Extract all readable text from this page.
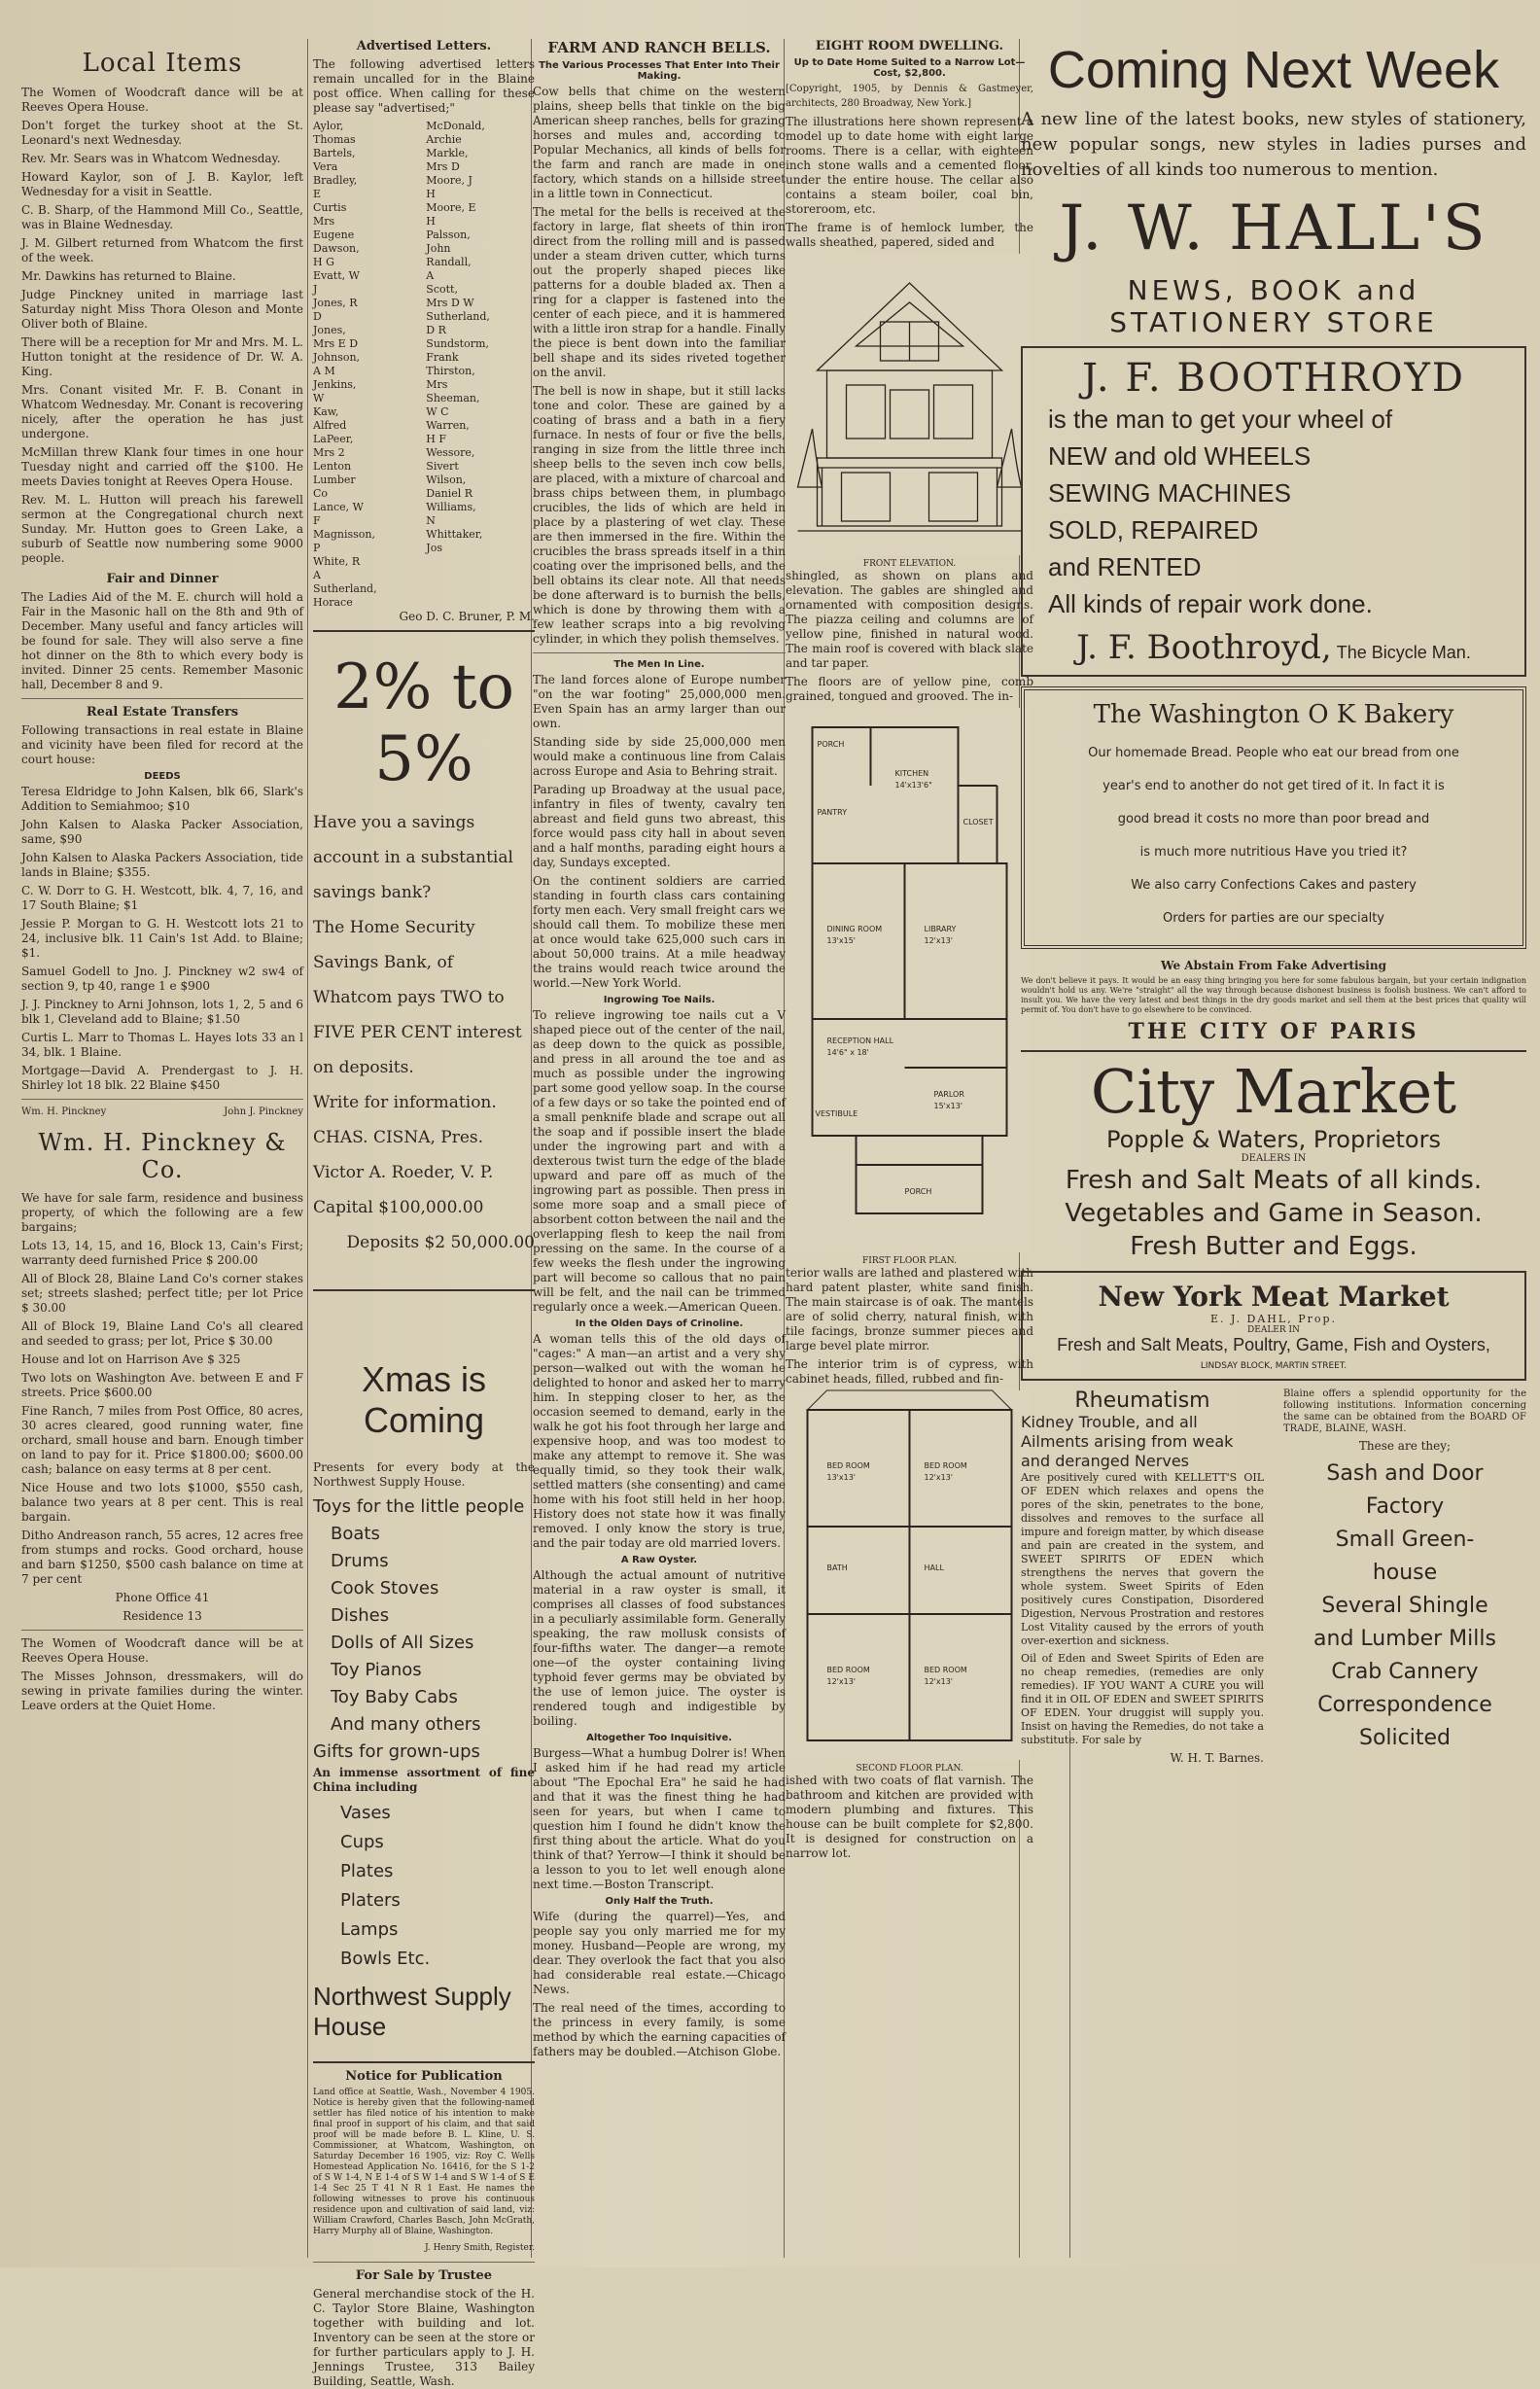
Local Items

The Women of Woodcraft dance will be at Reeves Opera House.

Don't forget the turkey shoot at the St. Leonard's next Wednesday.

Rev. Mr. Sears was in Whatcom Wednesday.

Howard Kaylor, son of J. B. Kaylor, left Wednesday for a visit in Seattle.

C. B. Sharp, of the Hammond Mill Co., Seattle, was in Blaine Wednesday.

J. M. Gilbert returned from Whatcom the first of the week.

Mr. Dawkins has returned to Blaine.

Judge Pinckney united in marriage last Saturday night Miss Thora Oleson and Monte Oliver both of Blaine.

There will be a reception for Mr and Mrs. M. L. Hutton tonight at the residence of Dr. W. A. King.

Mrs. Conant visited Mr. F. B. Conant in Whatcom Wednesday. Mr. Conant is recovering nicely, after the operation he has just undergone.

McMillan threw Klank four times in one hour Tuesday night and carried off the $100. He meets Davies tonight at Reeves Opera House.

Rev. M. L. Hutton will preach his farewell sermon at the Congregational church next Sunday. Mr. Hutton goes to Green Lake, a suburb of Seattle now numbering some 9000 people.

Fair and Dinner

The Ladies Aid of the M. E. church will hold a Fair in the Masonic hall on the 8th and 9th of December. Many useful and fancy articles will be found for sale. They will also serve a fine hot dinner on the 8th to which every body is invited. Dinner 25 cents. Remember Masonic hall, December 8 and 9.

Real Estate Transfers

Following transactions in real estate in Blaine and vicinity have been filed for record at the court house:

DEEDS

Teresa Eldridge to John Kalsen, blk 66, Slark's Addition to Semiahmoo; $10

John Kalsen to Alaska Packer Association, same, $90

John Kalsen to Alaska Packers Association, tide lands in Blaine; $355.

C. W. Dorr to G. H. Westcott, blk. 4, 7, 16, and 17 South Blaine; $1

Jessie P. Morgan to G. H. Westcott lots 21 to 24, inclusive blk. 11 Cain's 1st Add. to Blaine; $1.

Samuel Godell to Jno. J. Pinckney w2 sw4 of section 9, tp 40, range 1 e $900

J. J. Pinckney to Arni Johnson, lots 1, 2, 5 and 6 blk 1, Cleveland add to Blaine; $1.50

Curtis L. Marr to Thomas L. Hayes lots 33 an l 34, blk. 1 Blaine.

Mortgage—David A. Prendergast to J. H. Shirley lot 18 blk. 22 Blaine $450

Wm. H. Pinckney	John J. Pinckney
Wm. H. Pinckney & Co.

We have for sale farm, residence and business property, of which the following are a few bargains;

Lots 13, 14, 15, and 16, Block 13, Cain's First; warranty deed furnished Price $ 200.00

All of Block 28, Blaine Land Co's corner stakes set; streets slashed; perfect title; per lot Price $ 30.00

All of Block 19, Blaine Land Co's all cleared and seeded to grass; per lot, Price $ 30.00

House and lot on Harrison Ave $ 325

Two lots on Washington Ave. between E and F streets. Price $600.00

Fine Ranch, 7 miles from Post Office, 80 acres, 30 acres cleared, good running water, fine orchard, small house and barn. Enough timber on land to pay for it. Price $1800.00; $600.00 cash; balance on easy terms at 8 per cent.

Nice House and two lots $1000, $550 cash, balance two years at 8 per cent. This is real bargain.

Ditho Andreason ranch, 55 acres, 12 acres free from stumps and rocks. Good orchard, house and barn $1250, $500 cash balance on time at 7 per cent

Phone Office 41
Residence 13

The Women of Woodcraft dance will be at Reeves Opera House.

The Misses Johnson, dressmakers, will do sewing in private families during the winter. Leave orders at the Quiet Home.

Advertised Letters.

The following advertised letters remain uncalled for in the Blaine post office. When calling for these please say "advertised;"

Aylor, Thomas
Bartels, Vera
Bradley, E
Curtis Mrs Eugene
Dawson, H G
Evatt, W J
Jones, R D
Jones, Mrs E D
Johnson, A M
Jenkins, W
Kaw, Alfred
LaPeer, Mrs 2
Lenton Lumber Co
Lance, W F
Magnisson, P
White, R A
Sutherland, Horace
McDonald, Archie
Markle, Mrs D
Moore, J H
Moore, E H
Palsson, John
Randall, A
Scott, Mrs D W
Sutherland, D R
Sundstorm, Frank
Thirston, Mrs
Sheeman, W C
Warren, H F
Wessore, Sivert
Wilson, Daniel R
Williams, N
Whittaker, Jos
Geo D. C. Bruner, P. M.
2% to 5%
Have you a savings account in a substantial savings bank?
The Home Security Savings Bank, of Whatcom pays TWO to FIVE PER CENT interest on deposits.
Write for information.
CHAS. CISNA, Pres.
Victor A. Roeder, V. P.
Capital $100,000.00
Deposits $2 50,000.00
Xmas is Coming

Presents for every body at the Northwest Supply House.

Toys for the little people
Boats
Drums
Cook Stoves
Dishes
Dolls of All Sizes
Toy Pianos
Toy Baby Cabs
And many others
Gifts for grown-ups
An immense assortment of fine China including
Vases
Cups
Plates
Platers
Lamps
Bowls Etc.
Northwest Supply House
Notice for Publication

Land office at Seattle, Wash., November 4 1905. Notice is hereby given that the following-named settler has filed notice of his intention to make final proof in support of his claim, and that said proof will be made before B. L. Kline, U. S. Commissioner, at Whatcom, Washington, on Saturday December 16 1905, viz: Roy C. Wells Homestead Application No. 16416, for the S 1-2 of S W 1-4, N E 1-4 of S W 1-4 and S W 1-4 of S E 1-4 Sec 25 T 41 N R 1 East. He names the following witnesses to prove his continuous residence upon and cultivation of said land, viz: William Crawford, Charles Basch, John McGrath, Harry Murphy all of Blaine, Washington.

J. Henry Smith, Register.
For Sale by Trustee

General merchandise stock of the H. C. Taylor Store Blaine, Washington together with building and lot. Inventory can be seen at the store or for further particulars apply to J. H. Jennings Trustee, 313 Bailey Building, Seattle, Wash.

FARM AND RANCH BELLS.
The Various Processes That Enter Into Their Making.

Cow bells that chime on the western plains, sheep bells that tinkle on the big American sheep ranches, bells for grazing horses and mules and, according to Popular Mechanics, all kinds of bells for the farm and ranch are made in one factory, which stands on a hillside street in a little town in Connecticut.

The metal for the bells is received at the factory in large, flat sheets of thin iron direct from the rolling mill and is passed under a steam driven cutter, which turns out the properly shaped pieces like patterns for a double bladed ax. Then a ring for a clapper is fastened into the center of each piece, and it is hammered with a little iron strap for a handle. Finally the piece is bent down into the familiar bell shape and its sides riveted together on the anvil.

The bell is now in shape, but it still lacks tone and color. These are gained by a coating of brass and a bath in a fiery furnace. In nests of four or five the bells, ranging in size from the little three inch sheep bells to the seven inch cow bells, are placed, with a mixture of charcoal and brass chips between them, in plumbago crucibles, the lids of which are held in place by a plastering of wet clay. These are then immersed in the fire. Within the crucibles the brass spreads itself in a thin coating over the imprisoned bells, and the bell obtains its clear note. All that needs be done afterward is to burnish the bells, which is done by throwing them with a few leather scraps into a big revolving cylinder, in which they polish themselves.

The Men In Line.

The land forces alone of Europe number "on the war footing" 25,000,000 men. Even Spain has an army larger than our own.

Standing side by side 25,000,000 men would make a continuous line from Calais across Europe and Asia to Behring strait.

Parading up Broadway at the usual pace, infantry in files of twenty, cavalry ten abreast and field guns two abreast, this force would pass city hall in about seven and a half months, parading eight hours a day, Sundays excepted.

On the continent soldiers are carried standing in fourth class cars containing forty men each. Very small freight cars we should call them. To mobilize these men at once would take 625,000 such cars in about 50,000 trains. At a mile headway the trains would reach twice around the world.—New York World.

Ingrowing Toe Nails.

To relieve ingrowing toe nails cut a V shaped piece out of the center of the nail, as deep down to the quick as possible, and press in all around the toe and as much as possible under the ingrowing part some good yellow soap. In the course of a few days or so take the pointed end of a small penknife blade and scrape out all the soap and if possible insert the blade under the ingrowing part and with a dexterous twist turn the edge of the blade upward and pare off as much of the ingrowing part as possible. Then press in some more soap and a small piece of absorbent cotton between the nail and the overlapping flesh to keep the nail from pressing on the same. In the course of a few weeks the flesh under the ingrowing part will become so callous that no pain will be felt, and the nail can be trimmed regularly once a week.—American Queen.

In the Olden Days of Crinoline.

A woman tells this of the old days of "cages:" A man—an artist and a very shy person—walked out with the woman he delighted to honor and asked her to marry him. In stepping closer to her, as the occasion seemed to demand, early in the walk he got his foot through her large and expensive hoop, and was too modest to make any attempt to remove it. She was equally timid, so they took their walk, settled matters (she consenting) and came home with his foot still held in her hoop. History does not state how it was finally removed. I only know the story is true, and the pair today are old married lovers.

A Raw Oyster.

Although the actual amount of nutritive material in a raw oyster is small, it comprises all classes of food substances in a peculiarly assimilable form. Generally speaking, the raw mollusk consists of four-fifths water. The danger—a remote one—of the oyster containing living typhoid fever germs may be obviated by the use of lemon juice. The oyster is rendered tough and indigestible by boiling.

Altogether Too Inquisitive.

Burgess—What a humbug Dolrer is! When I asked him if he had read my article about "The Epochal Era" he said he had and that it was the finest thing he had seen for years, but when I came to question him I found he didn't know the first thing about the article. What do you think of that? Yerrow—I think it should be a lesson to you to let well enough alone next time.—Boston Transcript.

Only Half the Truth.

Wife (during the quarrel)—Yes, and people say you only married me for my money. Husband—People are wrong, my dear. They overlook the fact that you also had considerable real estate.—Chicago News.

The real need of the times, according to the princess in every family, is some method by which the earning capacities of fathers may be doubled.—Atchison Globe.

EIGHT ROOM DWELLING.
Up to Date Home Suited to a Narrow Lot—Cost, $2,800.

[Copyright, 1905, by Dennis & Gastmeyer, architects, 280 Broadway, New York.]

The illustrations here shown represent a model up to date home with eight large rooms. There is a cellar, with eighteen inch stone walls and a cemented floor, under the entire house. The cellar also contains a steam boiler, coal bin, storeroom, etc.

The frame is of hemlock lumber, the walls sheathed, papered, sided and

FRONT ELEVATION.

shingled, as shown on plans and elevation. The gables are shingled and ornamented with composition designs. The piazza ceiling and columns are of yellow pine, finished in natural wood. The main roof is covered with black slate and tar paper.

The floors are of yellow pine, comb grained, tongued and grooved. The in-

PORCH
KITCHEN
14'x13'6"
PANTRY
CLOSET
DINING ROOM
13'x15'
LIBRARY
12'x13'
RECEPTION HALL
14'6" x 18'
PARLOR
15'x13'
VESTIBULE
PORCH
FIRST FLOOR PLAN.

terior walls are lathed and plastered with hard patent plaster, white sand finish. The main staircase is of oak. The mantels are of solid cherry, natural finish, with tile facings, bronze summer pieces and large bevel plate mirror.

The interior trim is of cypress, with cabinet heads, filled, rubbed and fin-

BED ROOM
13'x13'
BED ROOM
12'x13'
BATH	HALL
BED ROOM
12'x13'
BED ROOM
12'x13'
SECOND FLOOR PLAN.

ished with two coats of flat varnish. The bathroom and kitchen are provided with modern plumbing and fixtures. This house can be built complete for $2,800. It is designed for construction on a narrow lot.

Coming Next Week

A new line of the latest books, new styles of stationery, new popular songs, new styles in ladies purses and novelties of all kinds too numerous to mention.

J. W. HALL'S
NEWS, BOOK and
STATIONERY STORE
J. F. BOOTHROYD
is the man to get your wheel of
NEW and old WHEELS
SEWING MACHINES
SOLD, REPAIRED
and RENTED
All kinds of repair work done.
J. F. Boothroyd, The Bicycle Man.
The Washington O K Bakery
Our homemade Bread. People who eat our bread from one
year's end to another do not get tired of it. In fact it is
good bread it costs no more than poor bread and
is much more nutritious Have you tried it?
We also carry Confections Cakes and pastery
Orders for parties are our specialty
We Abstain From Fake Advertising

We don't believe it pays. It would be an easy thing bringing you here for some fabulous bargain, but your certain indignation wouldn't hold us any. We're "straight" all the way through because dishonest business is foolish business. We can't afford to insult you. We have the very latest and best things in the dry goods market and sell them at the best prices that quality will permit of. You don't have to go elsewhere to be convinced.

THE CITY OF PARIS
City Market
Popple & Waters, Proprietors
DEALERS IN
Fresh and Salt Meats of all kinds.
Vegetables and Game in Season.
Fresh Butter and Eggs.
New York Meat Market
E. J. DAHL, Prop.
DEALER IN
Fresh and Salt Meats, Poultry, Game, Fish and Oysters,
LINDSAY BLOCK, MARTIN STREET.
Rheumatism
Kidney Trouble, and all Ailments arising from weak and deranged Nerves

Are positively cured with KELLETT'S OIL OF EDEN which relaxes and opens the pores of the skin, penetrates to the bone, dissolves and removes to the surface all impure and foreign matter, by which disease and pain are created in the system, and SWEET SPIRITS OF EDEN which strengthens the nerves that govern the whole system. Sweet Spirits of Eden positively cures Constipation, Disordered Digestion, Nervous Prostration and restores Lost Vitality caused by the errors of youth over-exertion and sickness.

Oil of Eden and Sweet Spirits of Eden are no cheap remedies, (remedies are only remedies). IF YOU WANT A CURE you will find it in OIL OF EDEN and SWEET SPIRITS OF EDEN. Your druggist will supply you. Insist on having the Remedies, do not take a substitute. For sale by

W. H. T. Barnes.

Blaine offers a splendid opportunity for the following institutions. Information concerning the same can be obtained from the BOARD OF TRADE, BLAINE, WASH.

These are they;
Sash and Door
Factory
Small Green-
house
Several Shingle
and Lumber Mills
Crab Cannery
Correspondence
Solicited
